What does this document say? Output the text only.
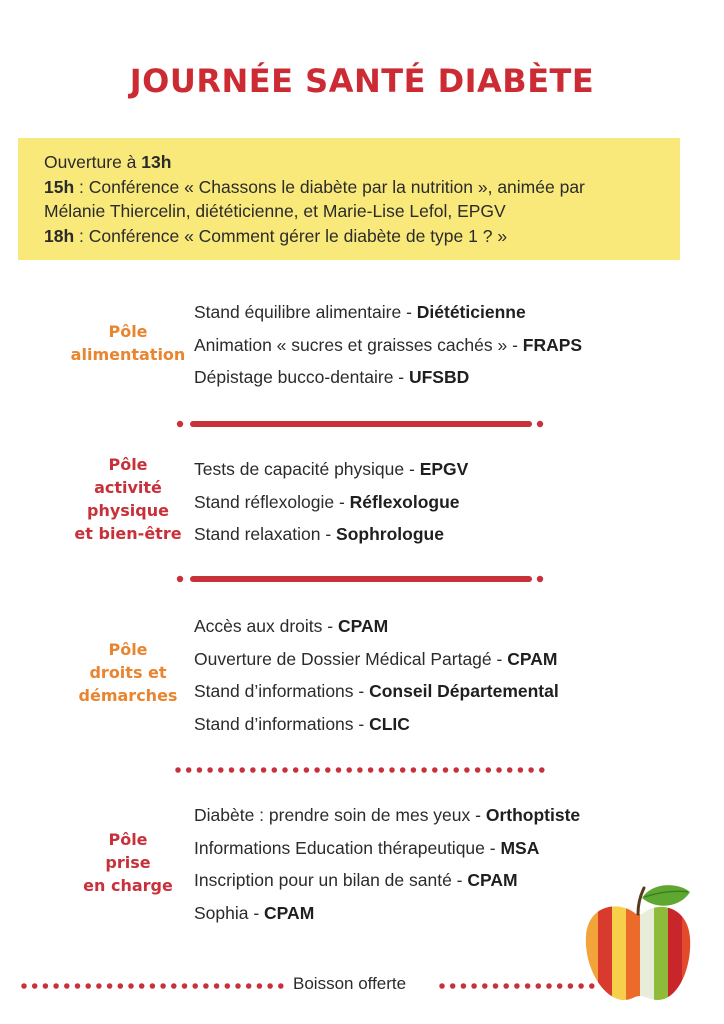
JOURNÉE SANTÉ DIABÈTE
Ouverture à 13h
15h : Conférence « Chassons le diabète par la nutrition », animée par
Mélanie Thiercelin, diététicienne, et Marie-Lise Lefol, EPGV
18h : Conférence « Comment gérer le diabète de type 1 ? »
Pôle
alimentation
Stand équilibre alimentaire - Diététicienne
Animation « sucres et graisses cachés » - FRAPS
Dépistage bucco-dentaire - UFSBD
Pôle
activité
physique
et bien-être
Tests de capacité physique - EPGV
Stand réflexologie - Réflexologue
Stand relaxation - Sophrologue
Pôle
droits et
démarches
Accès aux droits - CPAM
Ouverture de Dossier Médical Partagé - CPAM
Stand d’informations - Conseil Départemental
Stand d’informations - CLIC
Pôle
prise
en charge
Diabète : prendre soin de mes yeux - Orthoptiste
Informations Education thérapeutique - MSA
Inscription pour un bilan de santé - CPAM
Sophia - CPAM
Boisson offerte
